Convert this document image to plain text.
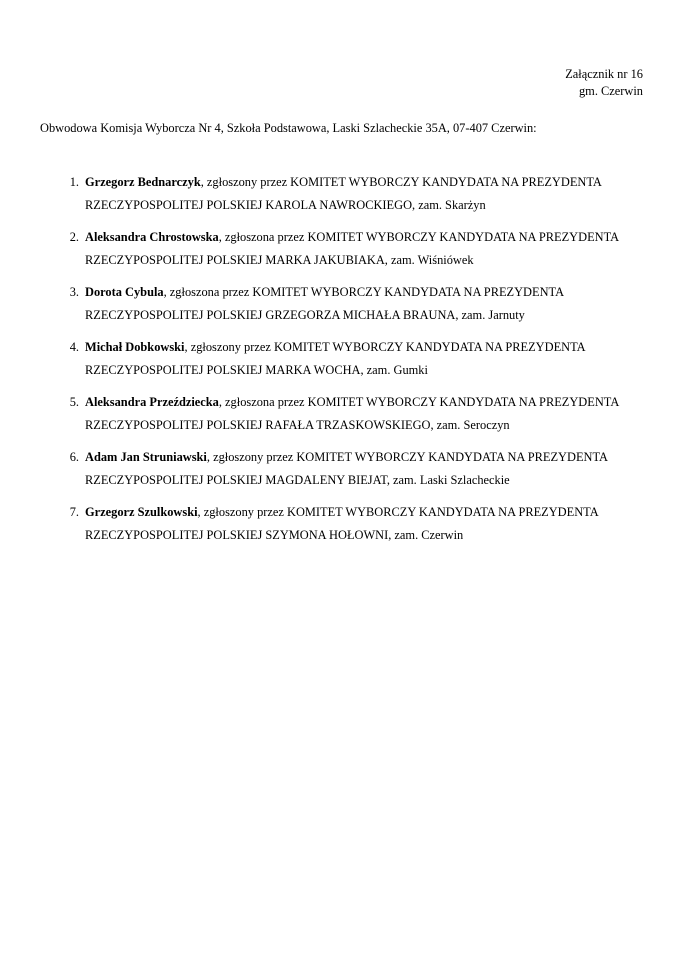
Załącznik nr 16
gm. Czerwin
Obwodowa Komisja Wyborcza Nr 4, Szkoła Podstawowa, Laski Szlacheckie 35A, 07-407 Czerwin:
1. Grzegorz Bednarczyk, zgłoszony przez KOMITET WYBORCZY KANDYDATA NA PREZYDENTA RZECZYPOSPOLITEJ POLSKIEJ KAROLA NAWROCKIEGO, zam. Skarżyn
2. Aleksandra Chrostowska, zgłoszona przez KOMITET WYBORCZY KANDYDATA NA PREZYDENTA RZECZYPOSPOLITEJ POLSKIEJ MARKA JAKUBIAKA, zam. Wiśniówek
3. Dorota Cybula, zgłoszona przez KOMITET WYBORCZY KANDYDATA NA PREZYDENTA RZECZYPOSPOLITEJ POLSKIEJ GRZEGORZA MICHAŁA BRAUNA, zam. Jarnuty
4. Michał Dobkowski, zgłoszony przez KOMITET WYBORCZY KANDYDATA NA PREZYDENTA RZECZYPOSPOLITEJ POLSKIEJ MARKA WOCHA, zam. Gumki
5. Aleksandra Przeździecka, zgłoszona przez KOMITET WYBORCZY KANDYDATA NA PREZYDENTA RZECZYPOSPOLITEJ POLSKIEJ RAFAŁA TRZASKOWSKIEGO, zam. Seroczyn
6. Adam Jan Struniawski, zgłoszony przez KOMITET WYBORCZY KANDYDATA NA PREZYDENTA RZECZYPOSPOLITEJ POLSKIEJ MAGDALENY BIEJAT, zam. Laski Szlacheckie
7. Grzegorz Szulkowski, zgłoszony przez KOMITET WYBORCZY KANDYDATA NA PREZYDENTA RZECZYPOSPOLITEJ POLSKIEJ SZYMONA HOŁOWNI, zam. Czerwin
